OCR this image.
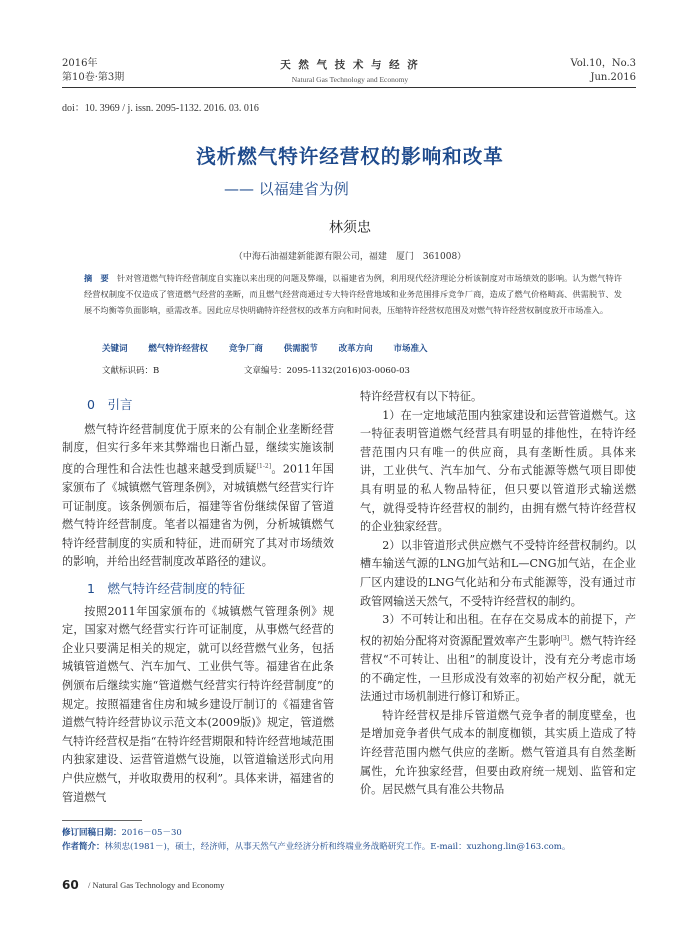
2016年
第10卷·第3期
天 然 气 技 术 与 经 济
Natural Gas Technology and Economy
Vol.10，No.3
Jun.2016
doi：10. 3969 / j. issn. 2095-1132. 2016. 03. 016
浅析燃气特许经营权的影响和改革
—— 以福建省为例
林须忠
（中海石油福建新能源有限公司，福建　厦门　361008）
摘　要 针对管道燃气特许经营制度自实施以来出现的问题及弊端，以福建省为例，利用现代经济理论分析该制度对市场绩效的影响。认为燃气特许经营权制度不仅造成了管道燃气经营的垄断，而且燃气经营商通过专大特许经营地域和业务范围排斥竞争厂商，造成了燃气价格畸高、供需脱节、发展不均衡等负面影响，亟需改革。因此应尽快明确特许经营权的改革方向和时间表，压缩特许经营权范围及对燃气特许经营权制度放开市场准入。
关键词 燃气特许经营权 竞争厂商 供需脱节 改革方向 市场准入
文献标识码：B	文章编号：2095-1132(2016)03-0060-03

0　引言

燃气特许经营制度优于原来的公有制企业垄断经营制度，但实行多年来其弊端也日渐凸显，继续实施该制度的合理性和合法性也越来越受到质疑[1-2]。2011年国家颁布了《城镇燃气管理条例》，对城镇燃气经营实行许可证制度。该条例颁布后，福建等省份继续保留了管道燃气特许经营制度。笔者以福建省为例，分析城镇燃气特许经营制度的实质和特征，进而研究了其对市场绩效的影响，并给出经营制度改革路径的建议。

1　燃气特许经营制度的特征

按照2011年国家颁布的《城镇燃气管理条例》规定，国家对燃气经营实行许可证制度，从事燃气经营的企业只要满足相关的规定，就可以经营燃气业务，包括城镇管道燃气、汽车加气、工业供气等。福建省在此条例颁布后继续实施“管道燃气经营实行特许经营制度”的规定。按照福建省住房和城乡建设厅制订的《福建省管道燃气特许经营协议示范文本(2009版)》规定，管道燃气特许经营权是指“在特许经营期限和特许经营地域范围内独家建设、运营管道燃气设施，以管道输送形式向用户供应燃气，并收取费用的权利”。具体来讲，福建省的管道燃气

特许经营权有以下特征。

1）在一定地域范围内独家建设和运营管道燃气。这一特征表明管道燃气经营具有明显的排他性，在特许经营范围内只有唯一的供应商，具有垄断性质。具体来讲，工业供气、汽车加气、分布式能源等燃气项目即使具有明显的私人物品特征，但只要以管道形式输送燃气，就得受特许经营权的制约，由拥有燃气特许经营权的企业独家经营。

2）以非管道形式供应燃气不受特许经营权制约。以槽车输送气源的LNG加气站和L—CNG加气站，在企业厂区内建设的LNG气化站和分布式能源等，没有通过市政管网输送天然气，不受特许经营权的制约。

3）不可转让和出租。在存在交易成本的前提下，产权的初始分配将对资源配置效率产生影响[3]。燃气特许经营权“不可转让、出租”的制度设计，没有充分考虑市场的不确定性，一旦形成没有效率的初始产权分配，就无法通过市场机制进行修订和矫正。

特许经营权是排斥管道燃气竞争者的制度壁垒，也是增加竞争者供气成本的制度枷锁，其实质上造成了特许经营范围内燃气供应的垄断。燃气管道具有自然垄断属性，允许独家经营，但要由政府统一规划、监管和定价。居民燃气具有准公共物品

修订回稿日期：2016－05－30
作者简介：林须忠(1981－)，硕士，经济师，从事天然气产业经济分析和终端业务战略研究工作。E-mail：xuzhong.lin@163.com。
60 / Natural Gas Technology and Economy
